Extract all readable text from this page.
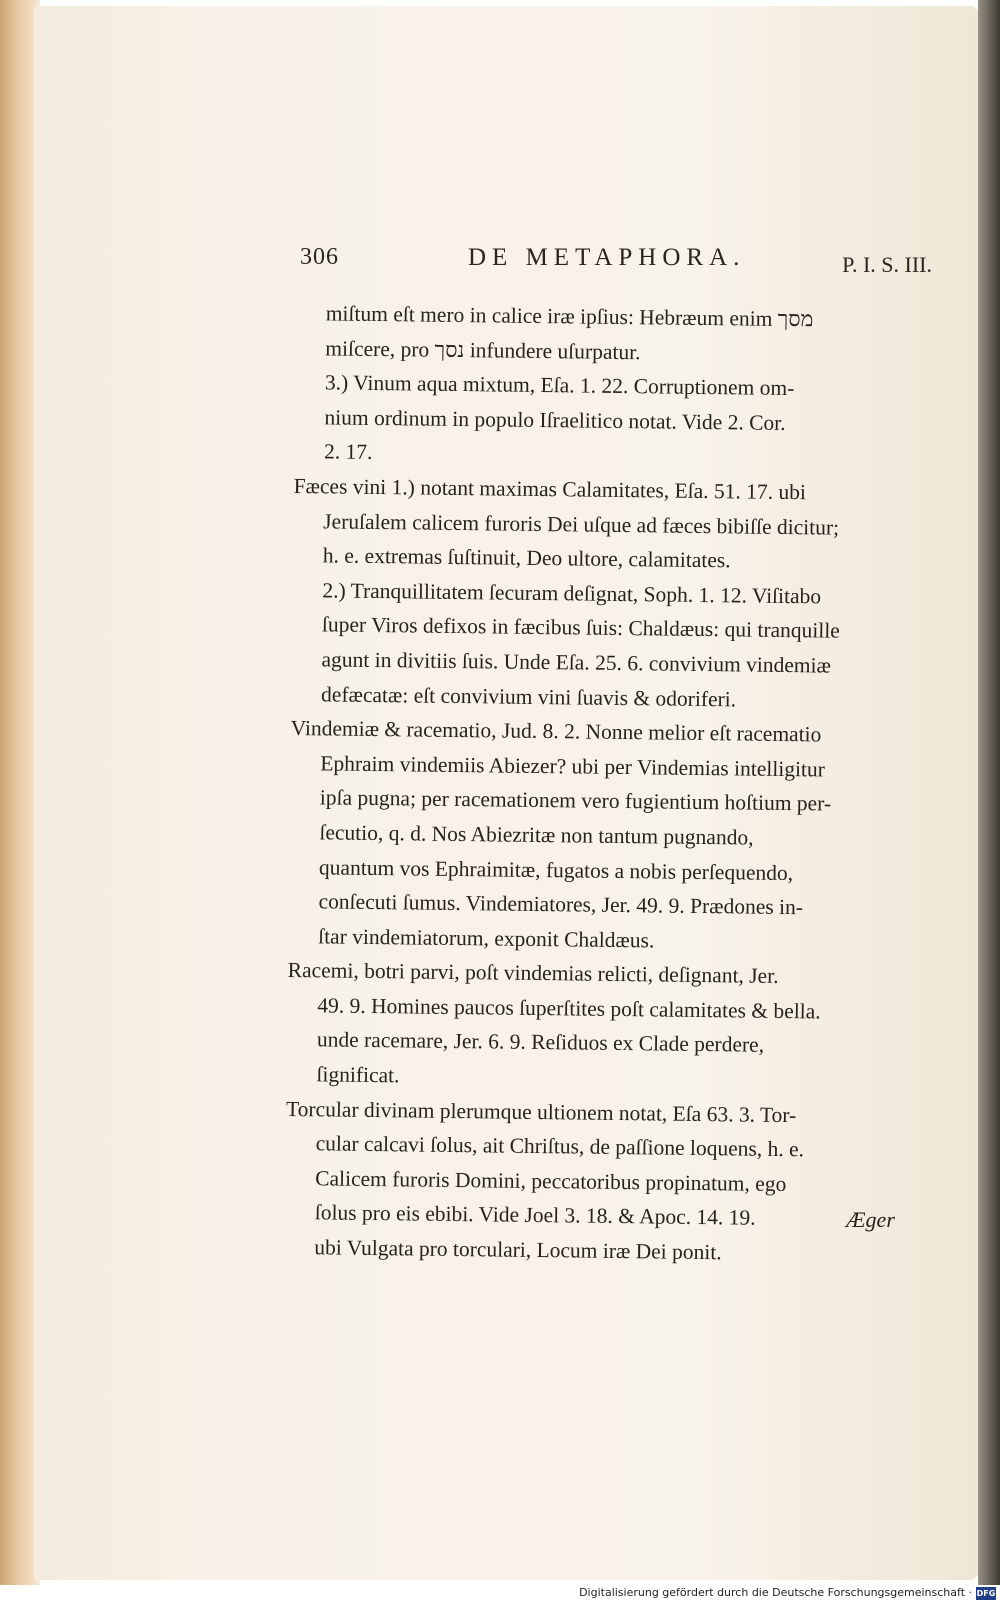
306	DE METAPHORA.	P. I. S. III.
miſtum eſt mero in calice iræ ipſius: Hebræum enim מסך
miſcere, pro נסך infundere uſurpatur.
3.) Vinum aqua mixtum, Eſa. 1. 22. Corruptionem om-
nium ordinum in populo Iſraelitico notat. Vide 2. Cor.
2. 17.
Fæces vini 1.) notant maximas Calamitates, Eſa. 51. 17. ubi
Jeruſalem calicem furoris Dei uſque ad fæces bibiſſe dicitur;
h. e. extremas ſuſtinuit, Deo ultore, calamitates.
2.) Tranquillitatem ſecuram deſignat, Soph. 1. 12. Viſitabo
ſuper Viros defixos in fæcibus ſuis: Chaldæus: qui tranquille
agunt in divitiis ſuis. Unde Eſa. 25. 6. convivium vindemiæ
defæcatæ: eſt convivium vini ſuavis & odoriferi.
Vindemiæ & racematio, Jud. 8. 2. Nonne melior eſt racematio
Ephraim vindemiis Abiezer? ubi per Vindemias intelligitur
ipſa pugna; per racemationem vero fugientium hoſtium per-
ſecutio, q. d. Nos Abiezritæ non tantum pugnando,
quantum vos Ephraimitæ, fugatos a nobis perſequendo,
conſecuti ſumus. Vindemiatores, Jer. 49. 9. Prædones in-
ſtar vindemiatorum, exponit Chaldæus.
Racemi, botri parvi, poſt vindemias relicti, deſignant, Jer.
49. 9. Homines paucos ſuperſtites poſt calamitates & bella.
unde racemare, Jer. 6. 9. Reſiduos ex Clade perdere,
ſignificat.
Torcular divinam plerumque ultionem notat, Eſa 63. 3. Tor-
cular calcavi ſolus, ait Chriſtus, de paſſione loquens, h. e.
Calicem furoris Domini, peccatoribus propinatum, ego
ſolus pro eis ebibi. Vide Joel 3. 18. & Apoc. 14. 19.
ubi Vulgata pro torculari, Locum iræ Dei ponit.
Æger
Digitalisierung gefördert durch die Deutsche Forschungsgemeinschaft · DFG
